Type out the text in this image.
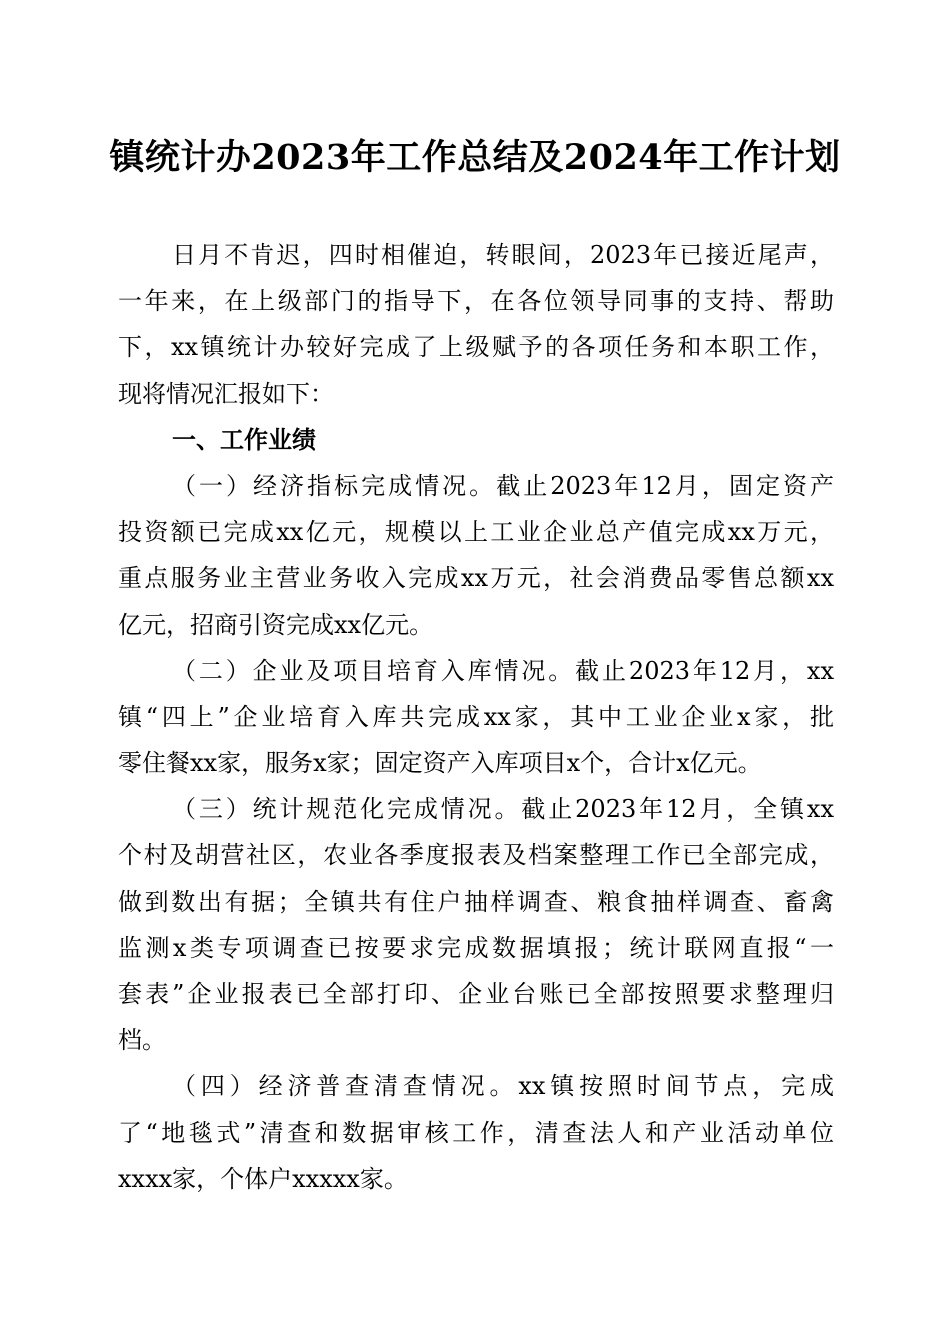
镇统计办2023年工作总结及2024年工作计划
日月不肯迟，四时相催迫，转眼间，2023年已接近尾声，
一年来，在上级部门的指导下，在各位领导同事的支持、帮助
下，xx镇统计办较好完成了上级赋予的各项任务和本职工作，
现将情况汇报如下：
一、工作业绩
（一）经济指标完成情况。截止2023年12月，固定资产
投资额已完成xx亿元，规模以上工业企业总产值完成xx万元，
重点服务业主营业务收入完成xx万元，社会消费品零售总额xx
亿元，招商引资完成xx亿元。
（二）企业及项目培育入库情况。截止2023年12月，xx
镇“四上”企业培育入库共完成xx家，其中工业企业x家，批
零住餐xx家，服务x家；固定资产入库项目x个，合计x亿元。
（三）统计规范化完成情况。截止2023年12月，全镇xx
个村及胡营社区，农业各季度报表及档案整理工作已全部完成，
做到数出有据；全镇共有住户抽样调查、粮食抽样调查、畜禽
监测x类专项调查已按要求完成数据填报；统计联网直报“一
套表”企业报表已全部打印、企业台账已全部按照要求整理归
档。
（四）经济普查清查情况。xx镇按照时间节点，完成
了“地毯式”清查和数据审核工作，清查法人和产业活动单位
xxxx家，个体户xxxxx家。
